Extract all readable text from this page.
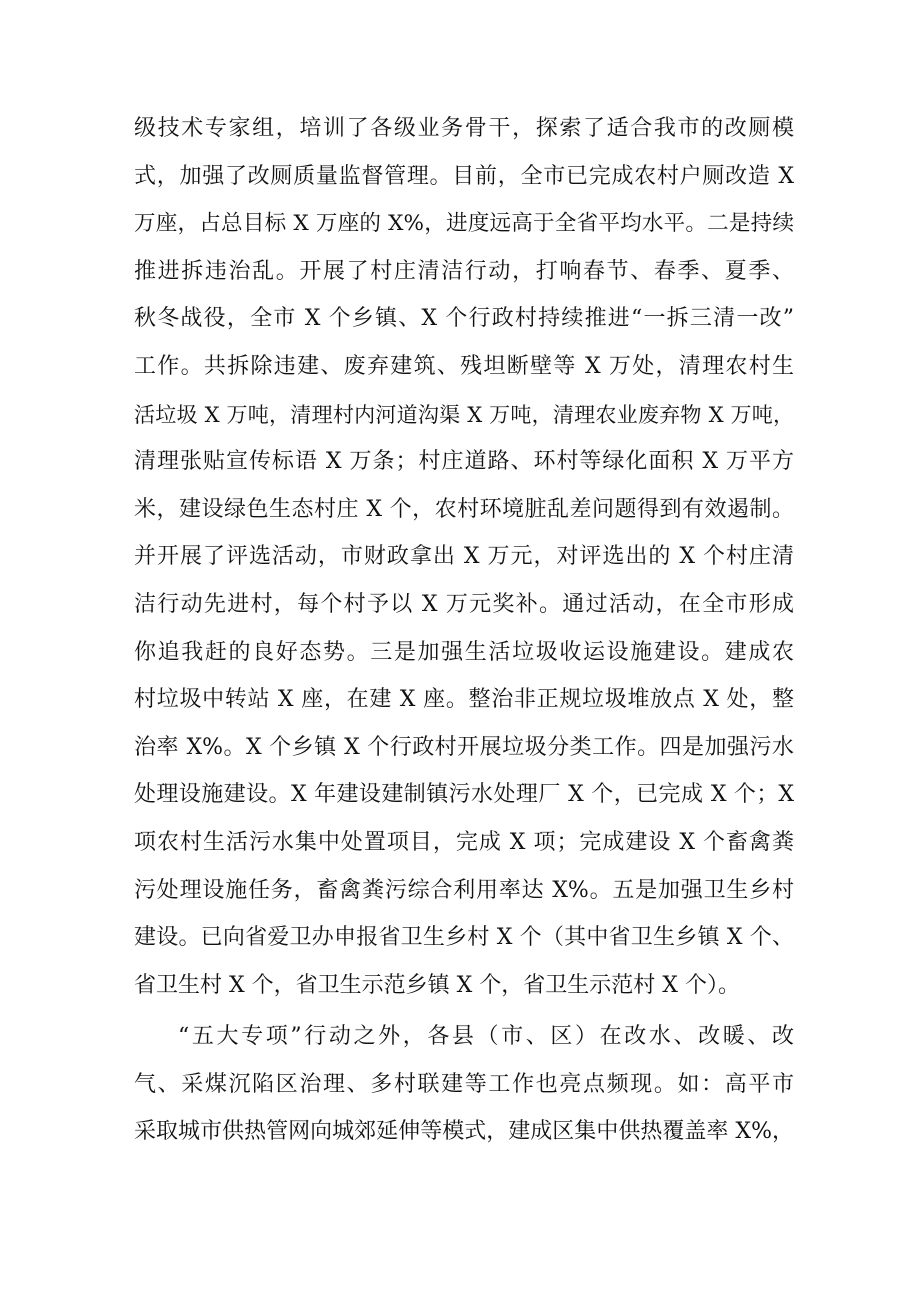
级技术专家组，培训了各级业务骨干，探索了适合我市的改厕模
式，加强了改厕质量监督管理。目前，全市已完成农村户厕改造 X
万座，占总目标 X 万座的 X%，进度远高于全省平均水平。二是持续
推进拆违治乱。开展了村庄清洁行动，打响春节、春季、夏季、
秋冬战役，全市 X 个乡镇、X 个行政村持续推进“一拆三清一改”
工作。共拆除违建、废弃建筑、残坦断壁等 X 万处，清理农村生
活垃圾 X 万吨，清理村内河道沟渠 X 万吨，清理农业废弃物 X 万吨，
清理张贴宣传标语 X 万条；村庄道路、环村等绿化面积 X 万平方
米，建设绿色生态村庄 X 个，农村环境脏乱差问题得到有效遏制。
并开展了评选活动，市财政拿出 X 万元，对评选出的 X 个村庄清
洁行动先进村，每个村予以 X 万元奖补。通过活动，在全市形成
你追我赶的良好态势。三是加强生活垃圾收运设施建设。建成农
村垃圾中转站 X 座，在建 X 座。整治非正规垃圾堆放点 X 处，整
治率 X%。X 个乡镇 X 个行政村开展垃圾分类工作。四是加强污水
处理设施建设。X 年建设建制镇污水处理厂 X 个，已完成 X 个；X
项农村生活污水集中处置项目，完成 X 项；完成建设 X 个畜禽粪
污处理设施任务，畜禽粪污综合利用率达 X%。五是加强卫生乡村
建设。已向省爱卫办申报省卫生乡村 X 个（其中省卫生乡镇 X 个、
省卫生村 X 个，省卫生示范乡镇 X 个，省卫生示范村 X 个）。
“五大专项”行动之外，各县（市、区）在改水、改暖、改
气、采煤沉陷区治理、多村联建等工作也亮点频现。如：高平市
采取城市供热管网向城郊延伸等模式，建成区集中供热覆盖率 X%，
